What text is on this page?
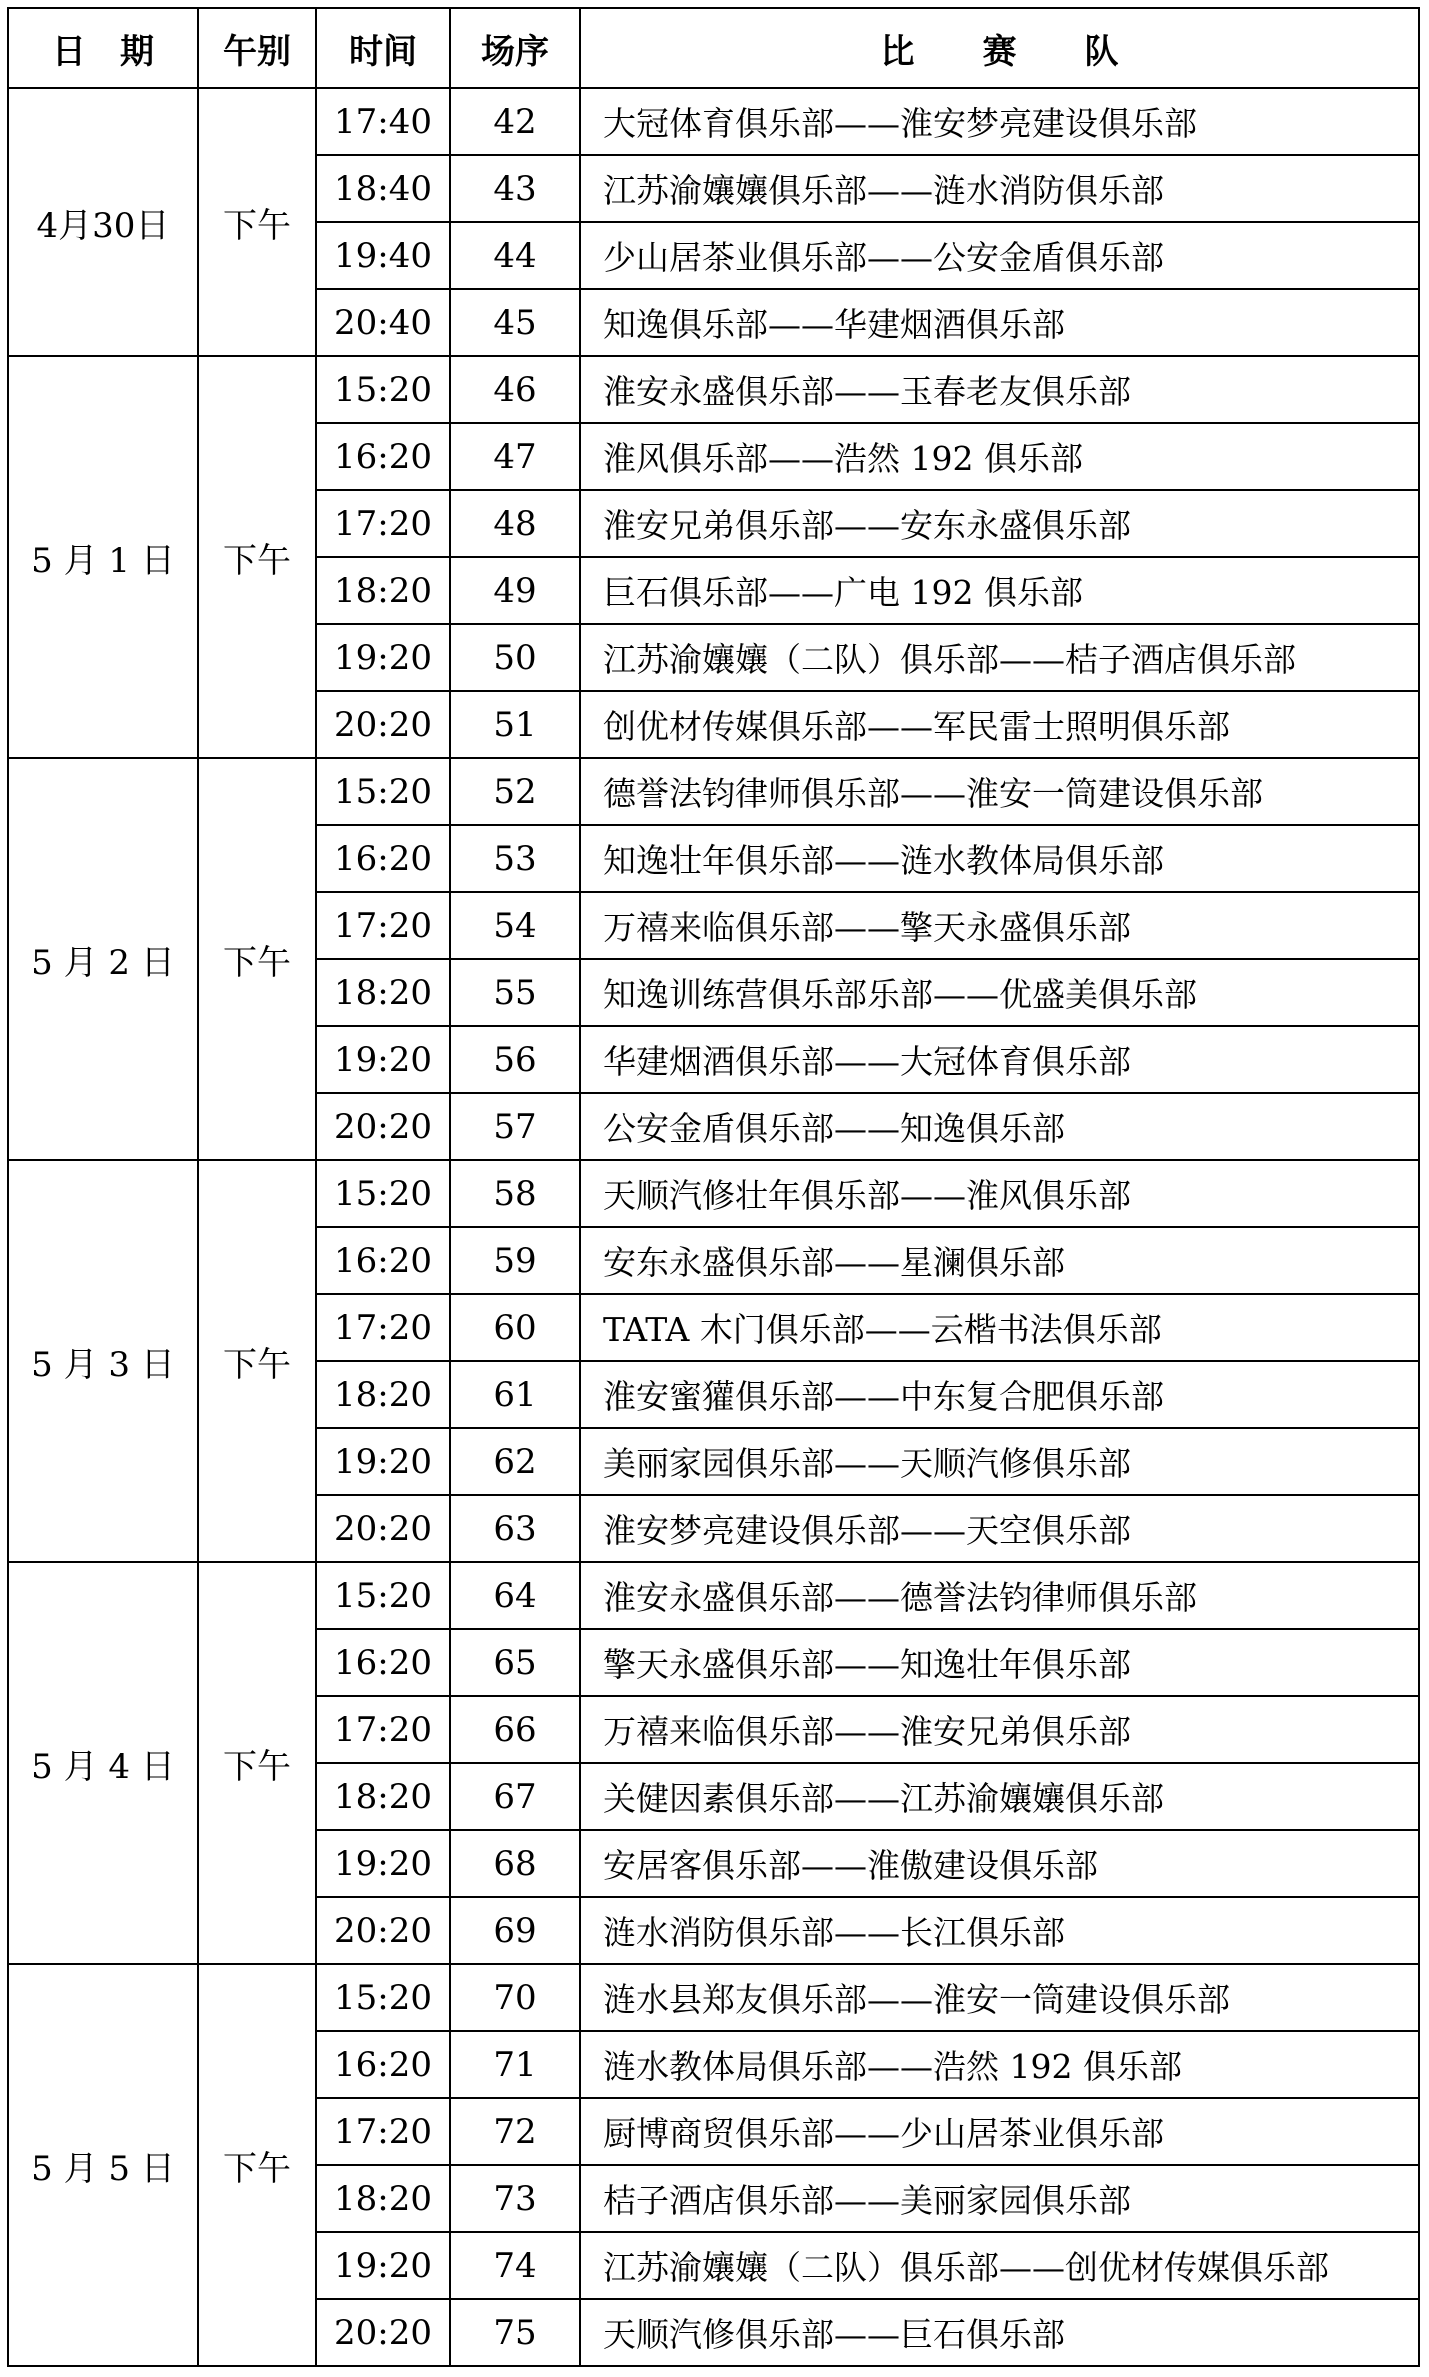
日　期	午别	时间	场序	比　　赛　　队
4月30日	下午	17:40	42	大冠体育俱乐部——淮安梦亮建设俱乐部
		18:40	43	江苏渝孃孃俱乐部——涟水消防俱乐部
		19:40	44	少山居茶业俱乐部——公安金盾俱乐部
		20:40	45	知逸俱乐部——华建烟酒俱乐部
5 月 1 日	下午	15:20	46	淮安永盛俱乐部——玉春老友俱乐部
		16:20	47	淮风俱乐部——浩然 192 俱乐部
		17:20	48	淮安兄弟俱乐部——安东永盛俱乐部
		18:20	49	巨石俱乐部——广电 192 俱乐部
		19:20	50	江苏渝孃孃（二队）俱乐部——桔子酒店俱乐部
		20:20	51	创优材传媒俱乐部——军民雷士照明俱乐部
5 月 2 日	下午	15:20	52	德誉法钧律师俱乐部——淮安一筒建设俱乐部
		16:20	53	知逸壮年俱乐部——涟水教体局俱乐部
		17:20	54	万禧来临俱乐部——擎天永盛俱乐部
		18:20	55	知逸训练营俱乐部乐部——优盛美俱乐部
		19:20	56	华建烟酒俱乐部——大冠体育俱乐部
		20:20	57	公安金盾俱乐部——知逸俱乐部
5 月 3 日	下午	15:20	58	天顺汽修壮年俱乐部——淮风俱乐部
		16:20	59	安东永盛俱乐部——星澜俱乐部
		17:20	60	TATA 木门俱乐部——云楷书法俱乐部
		18:20	61	淮安蜜獾俱乐部——中东复合肥俱乐部
		19:20	62	美丽家园俱乐部——天顺汽修俱乐部
		20:20	63	淮安梦亮建设俱乐部——天空俱乐部
5 月 4 日	下午	15:20	64	淮安永盛俱乐部——德誉法钧律师俱乐部
		16:20	65	擎天永盛俱乐部——知逸壮年俱乐部
		17:20	66	万禧来临俱乐部——淮安兄弟俱乐部
		18:20	67	关健因素俱乐部——江苏渝孃孃俱乐部
		19:20	68	安居客俱乐部——淮傲建设俱乐部
		20:20	69	涟水消防俱乐部——长江俱乐部
5 月 5 日	下午	15:20	70	涟水县郑友俱乐部——淮安一筒建设俱乐部
		16:20	71	涟水教体局俱乐部——浩然 192 俱乐部
		17:20	72	厨博商贸俱乐部——少山居茶业俱乐部
		18:20	73	桔子酒店俱乐部——美丽家园俱乐部
		19:20	74	江苏渝孃孃（二队）俱乐部——创优材传媒俱乐部
		20:20	75	天顺汽修俱乐部——巨石俱乐部
